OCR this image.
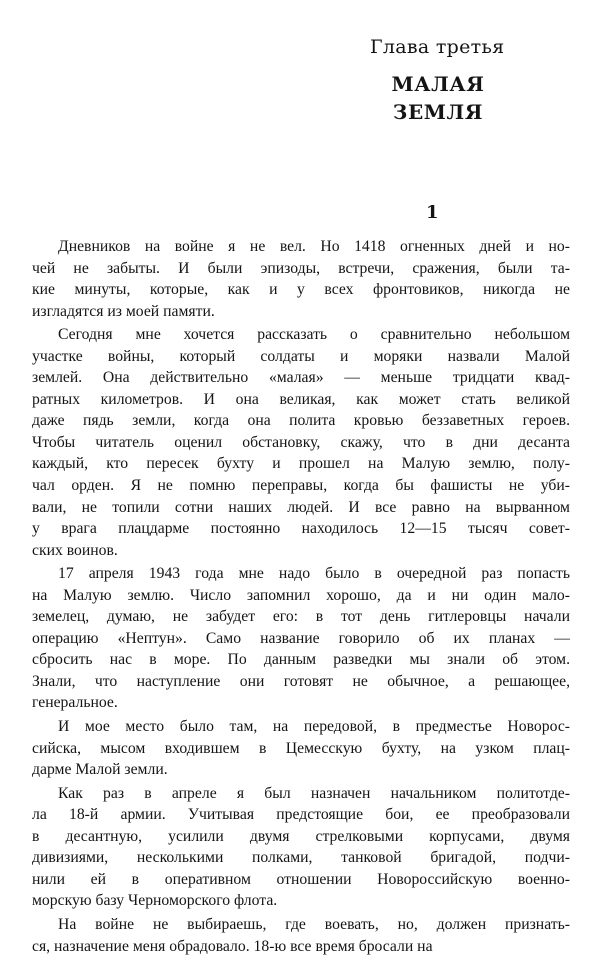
Глава третья
МАЛАЯ
ЗЕМЛЯ
1
Дневников на войне я не вел. Но 1418 огненных дней и но-
чей не забыты. И были эпизоды, встречи, сражения, были та-
кие минуты, которые, как и у всех фронтовиков, никогда не
изгладятся из моей памяти.
Сегодня мне хочется рассказать о сравнительно небольшом
участке войны, который солдаты и моряки назвали Малой
землей. Она действительно «малая» — меньше тридцати квад-
ратных километров. И она великая, как может стать великой
даже пядь земли, когда она полита кровью беззаветных героев.
Чтобы читатель оценил обстановку, скажу, что в дни десанта
каждый, кто пересек бухту и прошел на Малую землю, полу-
чал орден. Я не помню переправы, когда бы фашисты не уби-
вали, не топили сотни наших людей. И все равно на вырванном
у врага плацдарме постоянно находилось 12—15 тысяч совет-
ских воинов.
17 апреля 1943 года мне надо было в очередной раз попасть
на Малую землю. Число запомнил хорошо, да и ни один мало-
земелец, думаю, не забудет его: в тот день гитлеровцы начали
операцию «Нептун». Само название говорило об их планах —
сбросить нас в море. По данным разведки мы знали об этом.
Знали, что наступление они готовят не обычное, а решающее,
генеральное.
И мое место было там, на передовой, в предместье Новорос-
сийска, мысом входившем в Цемесскую бухту, на узком плац-
дарме Малой земли.
Как раз в апреле я был назначен начальником политотде-
ла 18-й армии. Учитывая предстоящие бои, ее преобразовали
в десантную, усилили двумя стрелковыми корпусами, двумя
дивизиями, несколькими полками, танковой бригадой, подчи-
нили ей в оперативном отношении Новороссийскую военно-
морскую базу Черноморского флота.
На войне не выбираешь, где воевать, но, должен признать-
ся, назначение меня обрадовало. 18-ю все время бросали на
